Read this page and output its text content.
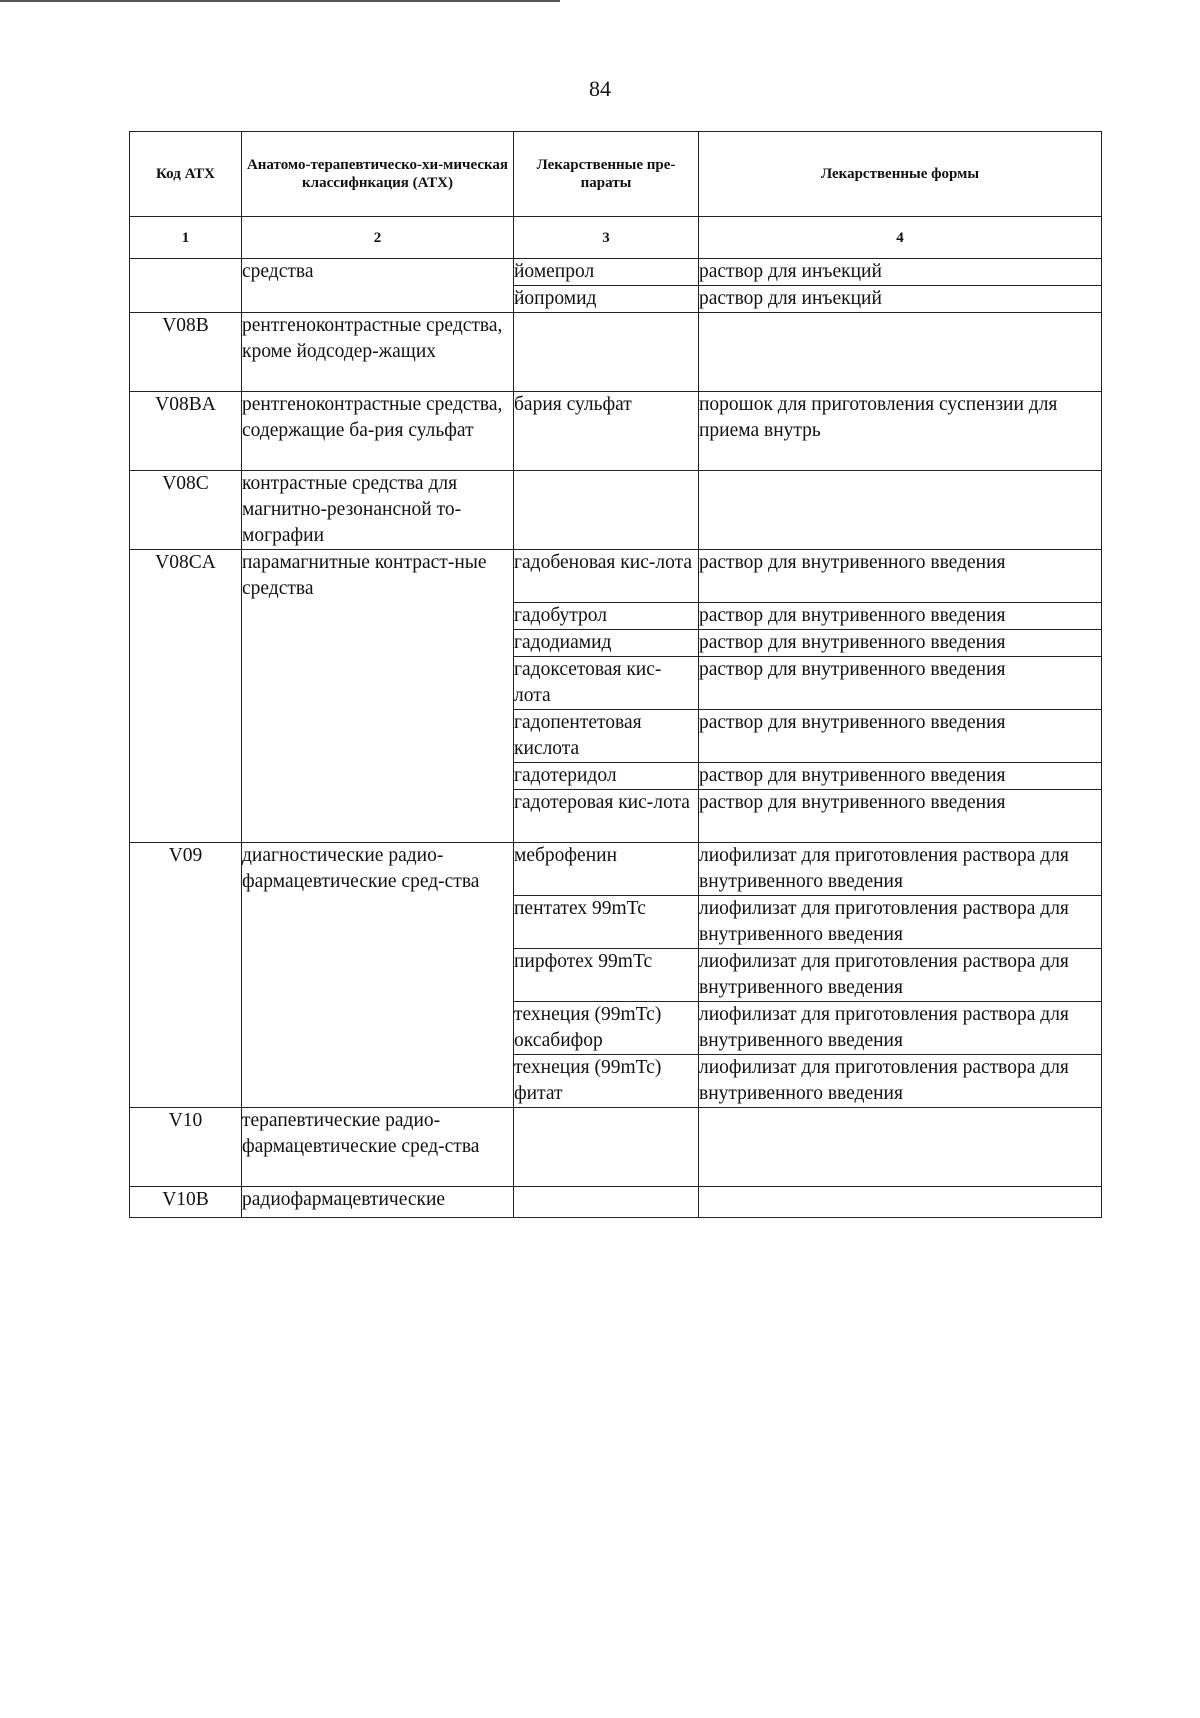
84
Код АТХ	Анатомо-терапевтическо-хи-мическая классифнкация (АТХ)	Лекарственные пре-параты	Лекарственные формы
1	2	3	4
	средства	йомепрол	раствор для инъекций
		йопромид	раствор для инъекций
V08B	рентгеноконтрастные средства, кроме йодсодер-жащих		
V08BA	рентгеноконтрастные средства, содержащие ба-рия сульфат	бария сульфат	порошок для приготовления суспензии для приема внутрь
V08C	контрастные средства для магнитно-резонансной то-мографии		
V08CA	парамагнитные контраст-ные средства	гадобеновая кис-лота	раствор для внутривенного введения
		гадобутрол	раствор для внутривенного введения
		гадодиамид	раствор для внутривенного введения
		гадоксетовая кис-лота	раствор для внутривенного введения
		гадопентетовая кислота	раствор для внутривенного введения
		гадотеридол	раствор для внутривенного введения
		гадотеровая кис-лота	раствор для внутривенного введения
V09	диагностические радио-фармацевтические сред-ства	меброфенин	лиофилизат для приготовления раствора для внутривенного введения
		пентатех 99mTc	лиофилизат для приготовления раствора для внутривенного введения
		пирфотех 99mTc	лиофилизат для приготовления раствора для внутривенного введения
		технеция (99mTc) оксабифор	лиофилизат для приготовления раствора для внутривенного введения
		технеция (99mTc) фитат	лиофилизат для приготовления раствора для внутривенного введения
V10	терапевтические радио-фармацевтические сред-ства		
V10B	радиофармацевтические		
